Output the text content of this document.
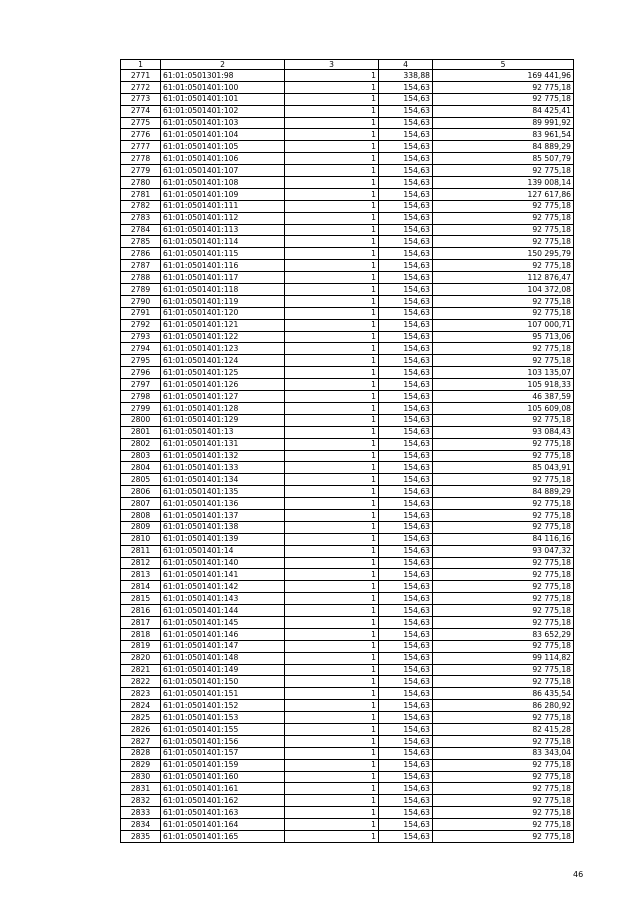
1	2	3	4	5
2771	61:01:0501301:98	1	338,88	169 441,96
2772	61:01:0501401:100	1	154,63	92 775,18
2773	61:01:0501401:101	1	154,63	92 775,18
2774	61:01:0501401:102	1	154,63	84 425,41
2775	61:01:0501401:103	1	154,63	89 991,92
2776	61:01:0501401:104	1	154,63	83 961,54
2777	61:01:0501401:105	1	154,63	84 889,29
2778	61:01:0501401:106	1	154,63	85 507,79
2779	61:01:0501401:107	1	154,63	92 775,18
2780	61:01:0501401:108	1	154,63	139 008,14
2781	61:01:0501401:109	1	154,63	127 617,86
2782	61:01:0501401:111	1	154,63	92 775,18
2783	61:01:0501401:112	1	154,63	92 775,18
2784	61:01:0501401:113	1	154,63	92 775,18
2785	61:01:0501401:114	1	154,63	92 775,18
2786	61:01:0501401:115	1	154,63	150 295,79
2787	61:01:0501401:116	1	154,63	92 775,18
2788	61:01:0501401:117	1	154,63	112 876,47
2789	61:01:0501401:118	1	154,63	104 372,08
2790	61:01:0501401:119	1	154,63	92 775,18
2791	61:01:0501401:120	1	154,63	92 775,18
2792	61:01:0501401:121	1	154,63	107 000,71
2793	61:01:0501401:122	1	154,63	95 713,06
2794	61:01:0501401:123	1	154,63	92 775,18
2795	61:01:0501401:124	1	154,63	92 775,18
2796	61:01:0501401:125	1	154,63	103 135,07
2797	61:01:0501401:126	1	154,63	105 918,33
2798	61:01:0501401:127	1	154,63	46 387,59
2799	61:01:0501401:128	1	154,63	105 609,08
2800	61:01:0501401:129	1	154,63	92 775,18
2801	61:01:0501401:13	1	154,63	93 084,43
2802	61:01:0501401:131	1	154,63	92 775,18
2803	61:01:0501401:132	1	154,63	92 775,18
2804	61:01:0501401:133	1	154,63	85 043,91
2805	61:01:0501401:134	1	154,63	92 775,18
2806	61:01:0501401:135	1	154,63	84 889,29
2807	61:01:0501401:136	1	154,63	92 775,18
2808	61:01:0501401:137	1	154,63	92 775,18
2809	61:01:0501401:138	1	154,63	92 775,18
2810	61:01:0501401:139	1	154,63	84 116,16
2811	61:01:0501401:14	1	154,63	93 047,32
2812	61:01:0501401:140	1	154,63	92 775,18
2813	61:01:0501401:141	1	154,63	92 775,18
2814	61:01:0501401:142	1	154,63	92 775,18
2815	61:01:0501401:143	1	154,63	92 775,18
2816	61:01:0501401:144	1	154,63	92 775,18
2817	61:01:0501401:145	1	154,63	92 775,18
2818	61:01:0501401:146	1	154,63	83 652,29
2819	61:01:0501401:147	1	154,63	92 775,18
2820	61:01:0501401:148	1	154,63	99 114,82
2821	61:01:0501401:149	1	154,63	92 775,18
2822	61:01:0501401:150	1	154,63	92 775,18
2823	61:01:0501401:151	1	154,63	86 435,54
2824	61:01:0501401:152	1	154,63	86 280,92
2825	61:01:0501401:153	1	154,63	92 775,18
2826	61:01:0501401:155	1	154,63	82 415,28
2827	61:01:0501401:156	1	154,63	92 775,18
2828	61:01:0501401:157	1	154,63	83 343,04
2829	61:01:0501401:159	1	154,63	92 775,18
2830	61:01:0501401:160	1	154,63	92 775,18
2831	61:01:0501401:161	1	154,63	92 775,18
2832	61:01:0501401:162	1	154,63	92 775,18
2833	61:01:0501401:163	1	154,63	92 775,18
2834	61:01:0501401:164	1	154,63	92 775,18
2835	61:01:0501401:165	1	154,63	92 775,18
46
